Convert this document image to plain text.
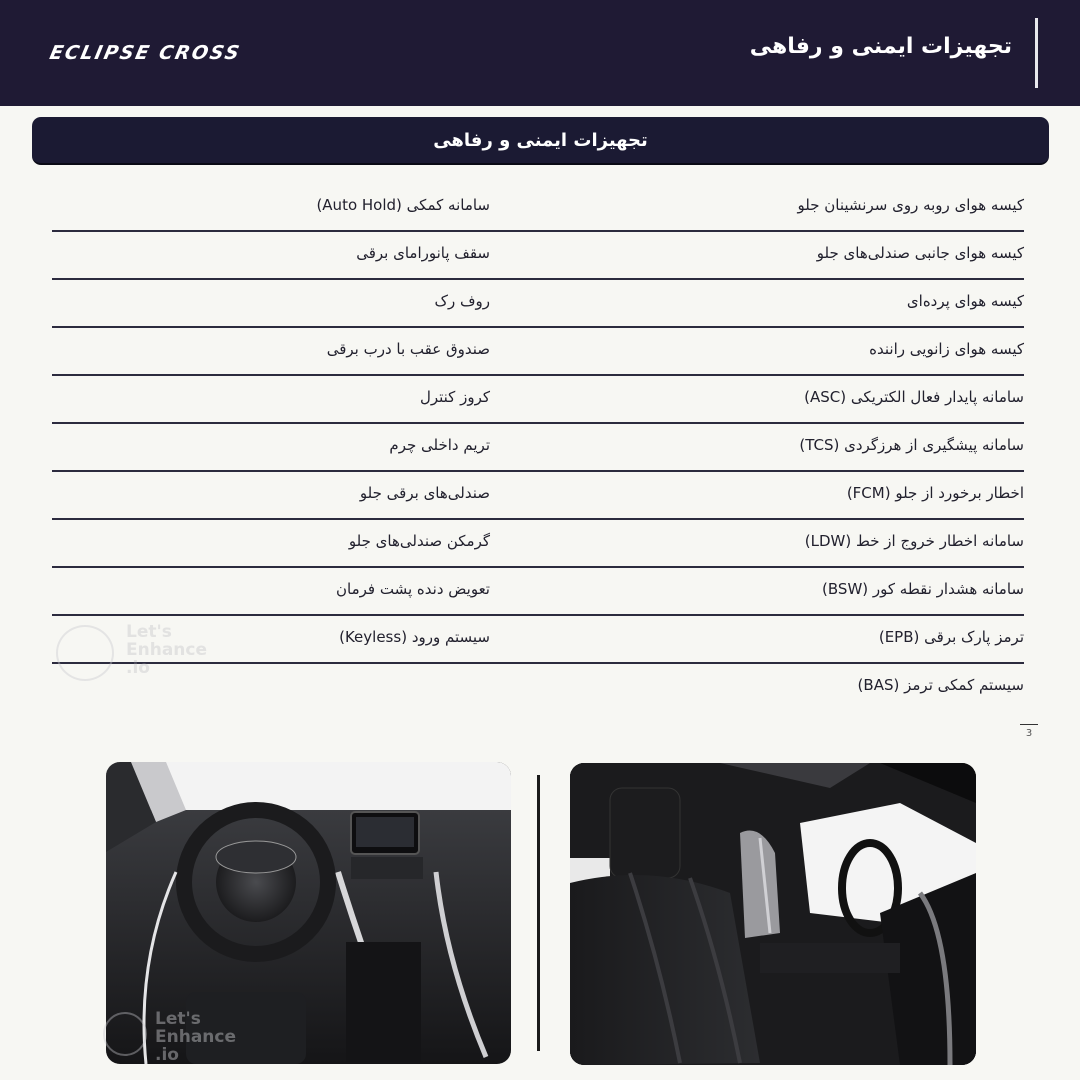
ECLIPSE CROSS	تجهیزات ایمنی و رفاهی
تجهیزات ایمنی و رفاهی
کیسه هوای روبه روی سرنشینان جلو
سامانه کمکی (Auto Hold)
کیسه هوای جانبی صندلی‌های جلو
سقف پانورامای برقی
کیسه هوای پرده‌ای
روف رک
کیسه هوای زانویی راننده
صندوق عقب با درب برقی
سامانه پایدار فعال الکتریکی (ASC)
کروز کنترل
سامانه پیشگیری از هرزگردی (TCS)
تریم داخلی چرم
اخطار برخورد از جلو (FCM)
صندلی‌های برقی جلو
سامانه اخطار خروج از خط (LDW)
گرمکن صندلی‌های جلو
سامانه هشدار نقطه کور (BSW)
تعویض دنده پشت فرمان
ترمز پارک برقی (EPB)
سیستم ورود (Keyless)
سیستم کمکی ترمز (BAS)
Let's
Enhance
.io
3
Let's
Enhance
.io
